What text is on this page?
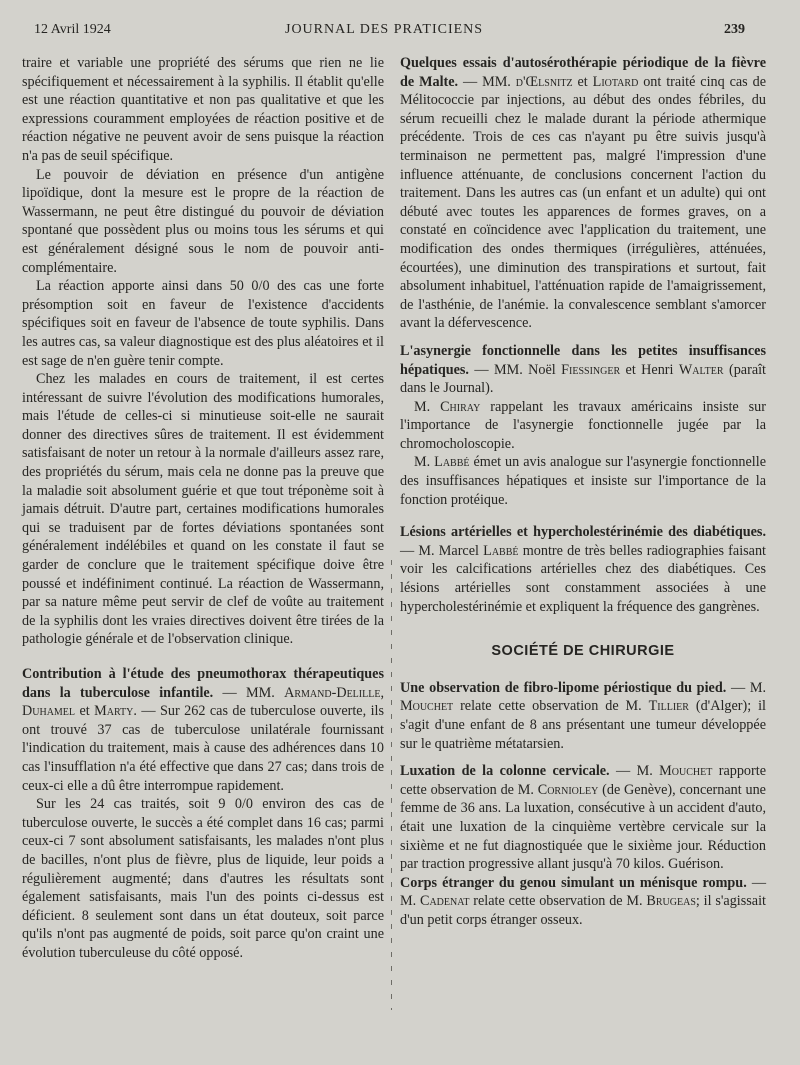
12 Avril 1924	JOURNAL DES PRATICIENS	239

traire et variable une propriété des sérums que rien ne lie spécifiquement et nécessairement à la syphilis. Il établit qu'elle est une réaction quantitative et non pas qualitative et que les expressions couramment employées de réaction positive et de réaction négative ne peuvent avoir de sens puisque la réaction n'a pas de seuil spécifique.

Le pouvoir de déviation en présence d'un antigène lipoïdique, dont la mesure est le propre de la réaction de Wassermann, ne peut être distingué du pouvoir de déviation spontané que possèdent plus ou moins tous les sérums et qui est généralement désigné sous le nom de pouvoir anti-complémentaire.

La réaction apporte ainsi dans 50 0/0 des cas une forte présomption soit en faveur de l'existence d'accidents spécifiques soit en faveur de l'absence de toute syphilis. Dans les autres cas, sa valeur diagnostique est des plus aléatoires et il est sage de n'en guère tenir compte.

Chez les malades en cours de traitement, il est certes intéressant de suivre l'évolution des modifications humorales, mais l'étude de celles-ci si minutieuse soit-elle ne saurait donner des directives sûres de traitement. Il est évidemment satisfaisant de noter un retour à la normale d'ailleurs assez rare, des propriétés du sérum, mais cela ne donne pas la preuve que la maladie soit absolument guérie et que tout tréponème soit à jamais détruit. D'autre part, certaines modifications humorales qui se traduisent par de fortes déviations spontanées sont généralement indélébiles et quand on les constate il faut se garder de conclure que le traitement spécifique doive être poussé et indéfiniment continué. La réaction de Wassermann, par sa nature même peut servir de clef de voûte au traitement de la syphilis dont les vraies directives doivent être tirées de la pathologie générale et de l'observation clinique.

Contribution à l'étude des pneumothorax thérapeutiques dans la tuberculose infantile. — MM. Armand-Delille, Duhamel et Marty. — Sur 262 cas de tuberculose ouverte, ils ont trouvé 37 cas de tuberculose unilatérale fournissant l'indication du traitement, mais à cause des adhérences dans 10 cas l'insufflation n'a été effective que dans 27 cas; dans trois de ceux-ci elle a dû être interrompue rapidement.

Sur les 24 cas traités, soit 9 0/0 environ des cas de tuberculose ouverte, le succès a été complet dans 16 cas; parmi ceux-ci 7 sont absolument satisfaisants, les malades n'ont plus de bacilles, n'ont plus de fièvre, plus de liquide, leur poids a régulièrement augmenté; dans d'autres les résultats sont également satisfaisants, mais l'un des points ci-dessus est déficient. 8 seulement sont dans un état douteux, soit parce qu'ils n'ont pas augmenté de poids, soit parce qu'on craint une évolution tuberculeuse du côté opposé.

Quelques essais d'autosérothérapie périodique de la fièvre de Malte. — MM. d'Œlsnitz et Liotard ont traité cinq cas de Mélitococcie par injections, au début des ondes fébriles, du sérum recueilli chez le malade durant la période athermique précédente. Trois de ces cas n'ayant pu être suivis jusqu'à terminaison ne permettent pas, malgré l'impression d'une influence atténuante, de conclusions concernent l'action du traitement. Dans les autres cas (un enfant et un adulte) qui ont débuté avec toutes les apparences de formes graves, on a constaté en coïncidence avec l'application du traitement, une modification des ondes thermiques (irrégulières, atténuées, écourtées), une diminution des transpirations et surtout, fait absolument inhabituel, l'atténuation rapide de l'amaigrissement, de l'asthénie, de l'anémie. la convalescence semblant s'amorcer avant la défervescence.

L'asynergie fonctionnelle dans les petites insuffisances hépatiques. — MM. Noël Fiessinger et Henri Walter (paraît dans le Journal).

M. Chiray rappelant les travaux américains insiste sur l'importance de l'asynergie fonctionnelle jugée par la chromocholoscopie.

M. Labbé émet un avis analogue sur l'asynergie fonctionnelle des insuffisances hépatiques et insiste sur l'importance de la fonction protéique.

Lésions artérielles et hypercholestérinémie des diabétiques. — M. Marcel Labbé montre de très belles radiographies faisant voir les calcifications artérielles chez des diabétiques. Ces lésions artérielles sont constamment associées à une hypercholestérinémie et expliquent la fréquence des gangrènes.

SOCIÉTÉ DE CHIRURGIE

Une observation de fibro-lipome périostique du pied. — M. Mouchet relate cette observation de M. Tillier (d'Alger); il s'agit d'une enfant de 8 ans présentant une tumeur développée sur le quatrième métatarsien.

Luxation de la colonne cervicale. — M. Mouchet rapporte cette observation de M. Cornioley (de Genève), concernant une femme de 36 ans. La luxation, consécutive à un accident d'auto, était une luxation de la cinquième vertèbre cervicale sur la sixième et ne fut diagnostiquée que le sixième jour. Réduction par traction progressive allant jusqu'à 70 kilos. Guérison.

Corps étranger du genou simulant un ménisque rompu. — M. Cadenat relate cette observation de M. Brugeas; il s'agissait d'un petit corps étranger osseux.
